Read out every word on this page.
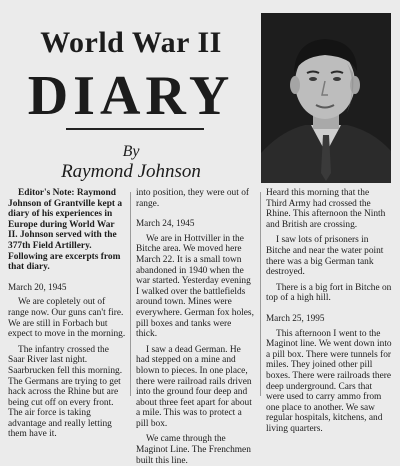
World War II
DIARY
By
Raymond Johnson

Editor's Note: Raymond Johnson of Grantville kept a diary of his experiences in Europe during World War II. Johnson served with the 377th Field Artillery. Following are excerpts from that diary.

March 20, 1945

We are copletely out of range now. Our guns can't fire. We are still in Forbach but expect to move in the morning.

The infantry crossed the Saar River last night. Saarbrucken fell this morning. The Germans are trying to get hack across the Rhine but are being cut off on every front. The air force is taking advantage and really letting them have it.

into position, they were out of range.

March 24, 1945

We are in Hottviller in the Bitche area. We moved here March 22. It is a small town abandoned in 1940 when the war started. Yesterday evening I walked over the battlefields around town. Mines were everywhere. German fox holes, pill boxes and tanks were thick.

I saw a dead German. He had stepped on a mine and blown to pieces. In one place, there were railroad rails driven into the ground four deep and about three feet apart for about a mile. This was to protect a pill box.

We came through the Maginot Line. The Frenchmen built this line.

Heard this morning that the Third Army had crossed the Rhine. This afternoon the Ninth and British are crossing.

I saw lots of prisoners in Bitche and near the water point there was a big German tank destroyed.

There is a big fort in Bitche on top of a high hill.

March 25, 1995

This afternoon I went to the Maginot line. We went down into a pill box. There were tunnels for miles. They joined other pill boxes. There were railroads there deep underground. Cars that were used to carry ammo from one place to another. We saw regular hospitals, kitchens, and living quarters.
